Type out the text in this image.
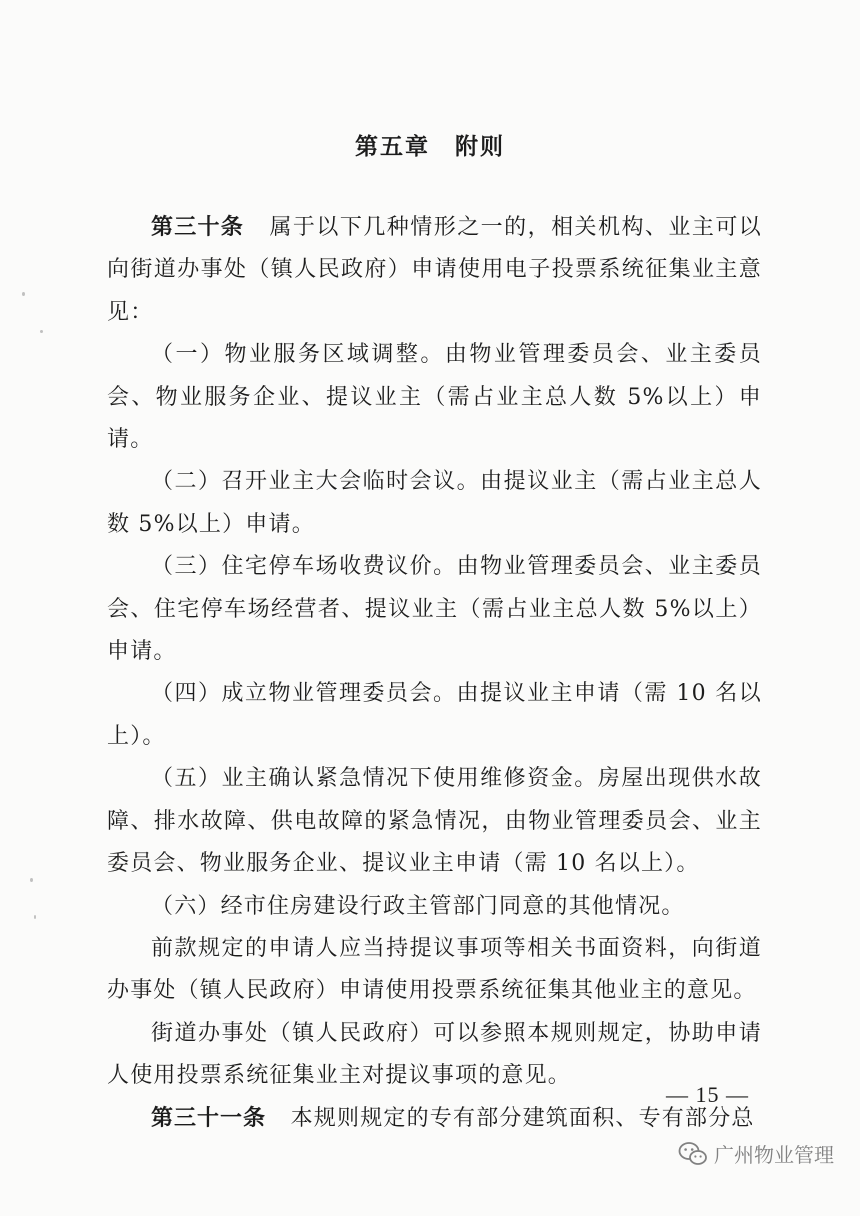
第五章　附则

第三十条 属于以下几种情形之一的，相关机构、业主可以向街道办事处（镇人民政府）申请使用电子投票系统征集业主意见：

（一）物业服务区域调整。由物业管理委员会、业主委员会、物业服务企业、提议业主（需占业主总人数 5%以上）申请。

（二）召开业主大会临时会议。由提议业主（需占业主总人数 5%以上）申请。

（三）住宅停车场收费议价。由物业管理委员会、业主委员会、住宅停车场经营者、提议业主（需占业主总人数 5%以上）申请。

（四）成立物业管理委员会。由提议业主申请（需 10 名以上）。

（五）业主确认紧急情况下使用维修资金。房屋出现供水故障、排水故障、供电故障的紧急情况，由物业管理委员会、业主委员会、物业服务企业、提议业主申请（需 10 名以上）。

（六）经市住房建设行政主管部门同意的其他情况。

前款规定的申请人应当持提议事项等相关书面资料，向街道办事处（镇人民政府）申请使用投票系统征集其他业主的意见。

街道办事处（镇人民政府）可以参照本规则规定，协助申请人使用投票系统征集业主对提议事项的意见。

第三十一条 本规则规定的专有部分建筑面积、专有部分总

— 15 —
广州物业管理
